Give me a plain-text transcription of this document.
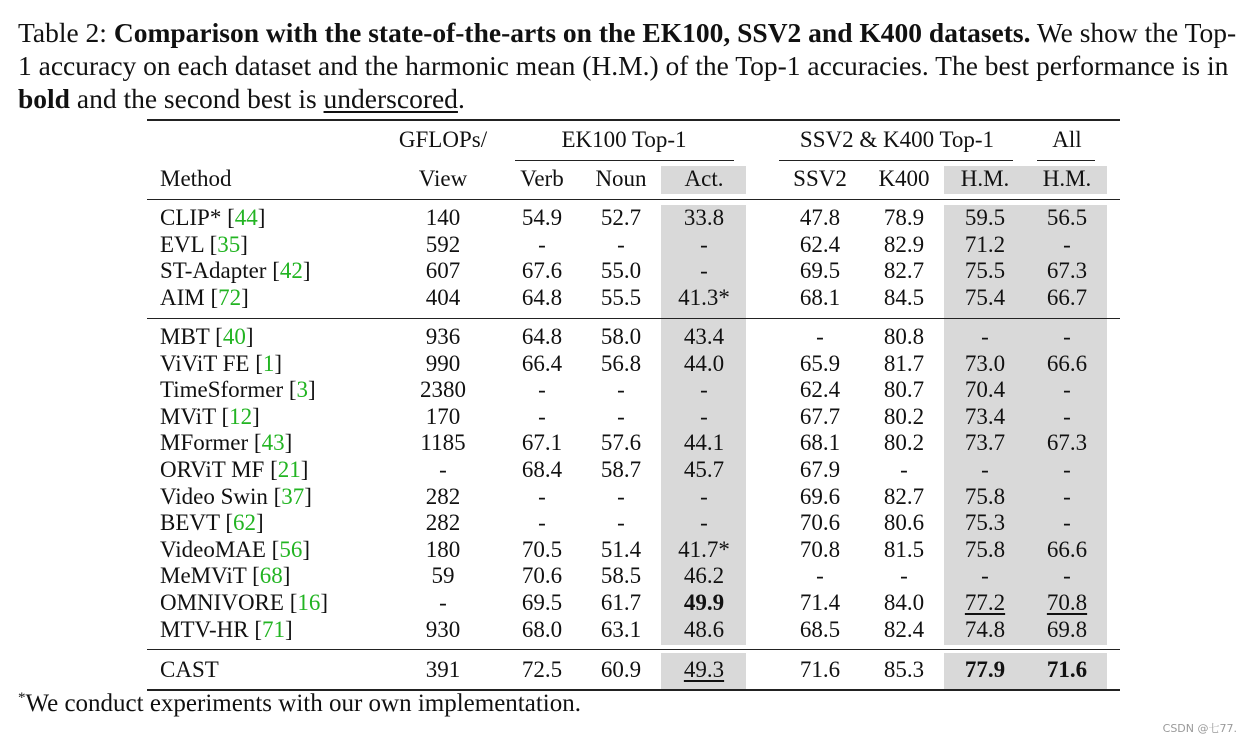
Table 2: Comparison with the state-of-the-arts on the EK100, SSV2 and K400 datasets. We show the Top-1 accuracy on each dataset and the harmonic mean (H.M.) of the Top-1 accuracies. The best performance is in bold and the second best is underscored.
GFLOPs/	EK100 Top-1	SSV2 & K400 Top-1	All
Method	View Verb Noun Act.	SSV2 K400 H.M. H.M.
CLIP* [44]	140	54.9 52.7 33.8	47.8 78.9 59.5 56.5
EVL [35]	592	-	-	-	62.4 82.9 71.2	-
ST-Adapter [42]	607	67.6 55.0	-	69.5 82.7 75.5 67.3
AIM [72]	404	64.8 55.5 41.3*	68.1 84.5 75.4 66.7
MBT [40]	936	64.8 58.0 43.4	-	80.8 -	-
ViViT FE [1]	990	66.4 56.8 44.0	65.9 81.7 73.0 66.6
TimeSformer [3]	2380	-	-	-	62.4 80.7 70.4	-
MViT [12]	170	-	-	-	67.7 80.2 73.4	-
MFormer [43]	1185 67.1 57.6 44.1	68.1 80.2 73.7 67.3
ORViT MF [21]	-	68.4 58.7 45.7	67.9	-	-	-
Video Swin [37]	282	-	-	-	69.6 82.7 75.8	-
BEVT [62]	282	-	-	-	70.6 80.6 75.3	-
VideoMAE [56]	180	70.5 51.4 41.7*	70.8 81.5 75.8 66.6
MeMViT [68]	59	70.6 58.5 46.2	-	-	-	-
OMNIVORE [16]	-	69.5 61.7 49.9	71.4 84.0 77.2 70.8
MTV-HR [71]	930	68.0 63.1 48.6	68.5 82.4 74.8 69.8
CAST	391	72.5 60.9 49.3	71.6 85.3 77.9 71.6
*We conduct experiments with our own implementation.
CSDN @七77.
